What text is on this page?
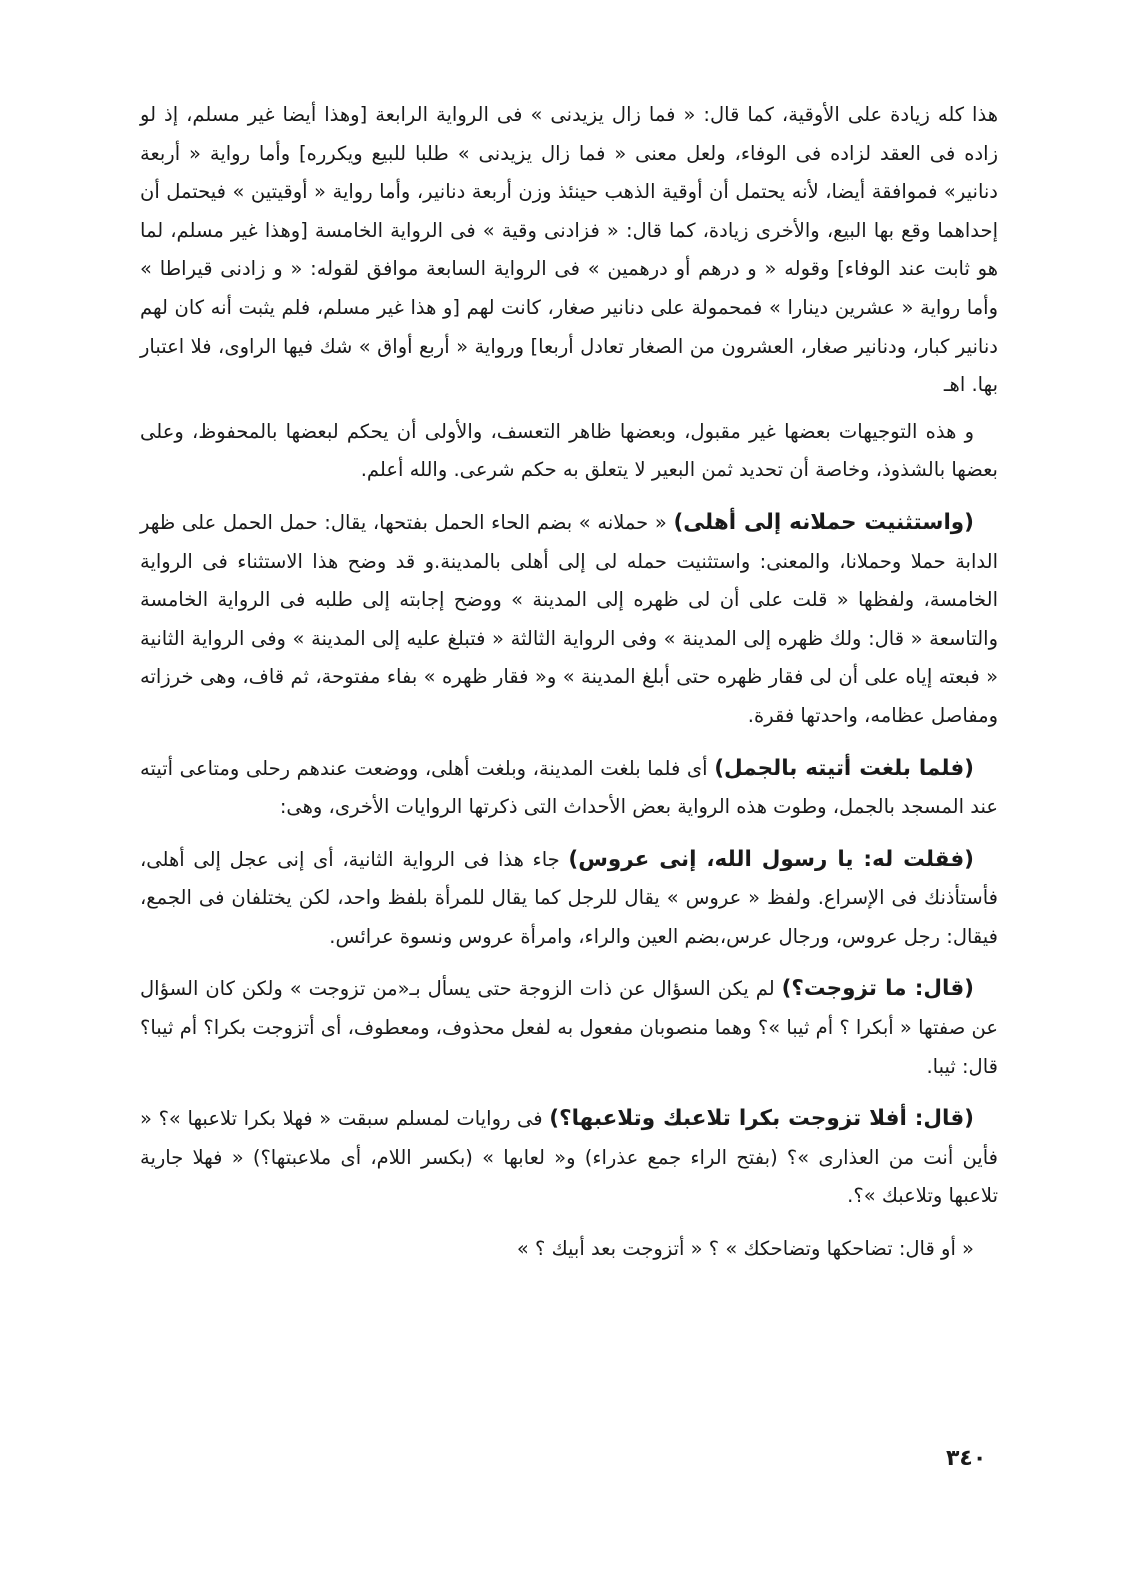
هذا كله زيادة على الأوقية، كما قال: « فما زال يزيدنى » فى الرواية الرابعة [وهذا أيضا غير مسلم، إذ لو زاده فى العقد لزاده فى الوفاء، ولعل معنى « فما زال يزيدنى » طلبا للبيع ويكرره] وأما رواية « أربعة دنانير» فموافقة أيضا، لأنه يحتمل أن أوقية الذهب حينئذ وزن أربعة دنانير، وأما رواية « أوقيتين » فيحتمل أن إحداهما وقع بها البيع، والأخرى زيادة، كما قال: « فزادنى وقية » فى الرواية الخامسة [وهذا غير مسلم، لما هو ثابت عند الوفاء] وقوله « و درهم أو درهمين » فى الرواية السابعة موافق لقوله: « و زادنى قيراطا » وأما رواية « عشرين دينارا » فمحمولة على دنانير صغار، كانت لهم [و هذا غير مسلم، فلم يثبت أنه كان لهم دنانير كبار، ودنانير صغار، العشرون من الصغار تعادل أربعا] ورواية « أربع أواق » شك فيها الراوى، فلا اعتبار بها. اهـ

و هذه التوجيهات بعضها غير مقبول، وبعضها ظاهر التعسف، والأولى أن يحكم لبعضها بالمحفوظ، وعلى بعضها بالشذوذ، وخاصة أن تحديد ثمن البعير لا يتعلق به حكم شرعى. والله أعلم.

(واستثنيت حملانه إلى أهلى) « حملانه » بضم الحاء الحمل بفتحها، يقال: حمل الحمل على ظهر الدابة حملا وحملانا، والمعنى: واستثنيت حمله لى إلى أهلى بالمدينة.و قد وضح هذا الاستثناء فى الرواية الخامسة، ولفظها « قلت على أن لى ظهره إلى المدينة » ووضح إجابته إلى طلبه فى الرواية الخامسة والتاسعة « قال: ولك ظهره إلى المدينة » وفى الرواية الثالثة « فتبلغ عليه إلى المدينة » وفى الرواية الثانية « فبعته إياه على أن لى فقار ظهره حتى أبلغ المدينة » و« فقار ظهره » بفاء مفتوحة، ثم قاف، وهى خرزاته ومفاصل عظامه، واحدتها فقرة.

(فلما بلغت أتيته بالجمل) أى فلما بلغت المدينة، وبلغت أهلى، ووضعت عندهم رحلى ومتاعى أتيته عند المسجد بالجمل، وطوت هذه الرواية بعض الأحداث التى ذكرتها الروايات الأخرى، وهى:

(فقلت له: يا رسول الله، إنى عروس) جاء هذا فى الرواية الثانية، أى إنى عجل إلى أهلى، فأستأذنك فى الإسراع. ولفظ « عروس » يقال للرجل كما يقال للمرأة بلفظ واحد، لكن يختلفان فى الجمع، فيقال: رجل عروس، ورجال عرس،بضم العين والراء، وامرأة عروس ونسوة عرائس.

(قال: ما تزوجت؟) لم يكن السؤال عن ذات الزوجة حتى يسأل بـ«من تزوجت » ولكن كان السؤال عن صفتها « أبكرا ؟ أم ثيبا »؟ وهما منصوبان مفعول به لفعل محذوف، ومعطوف، أى أتزوجت بكرا؟ أم ثيبا؟ قال: ثيبا.

(قال: أفلا تزوجت بكرا تلاعبك وتلاعبها؟) فى روايات لمسلم سبقت « فهلا بكرا تلاعبها »؟ « فأين أنت من العذارى »؟ (بفتح الراء جمع عذراء) و« لعابها » (بكسر اللام، أى ملاعبتها؟) « فهلا جارية تلاعبها وتلاعبك »؟.

« أو قال: تضاحكها وتضاحكك » ؟ « أتزوجت بعد أبيك ؟ »

٣٤٠
